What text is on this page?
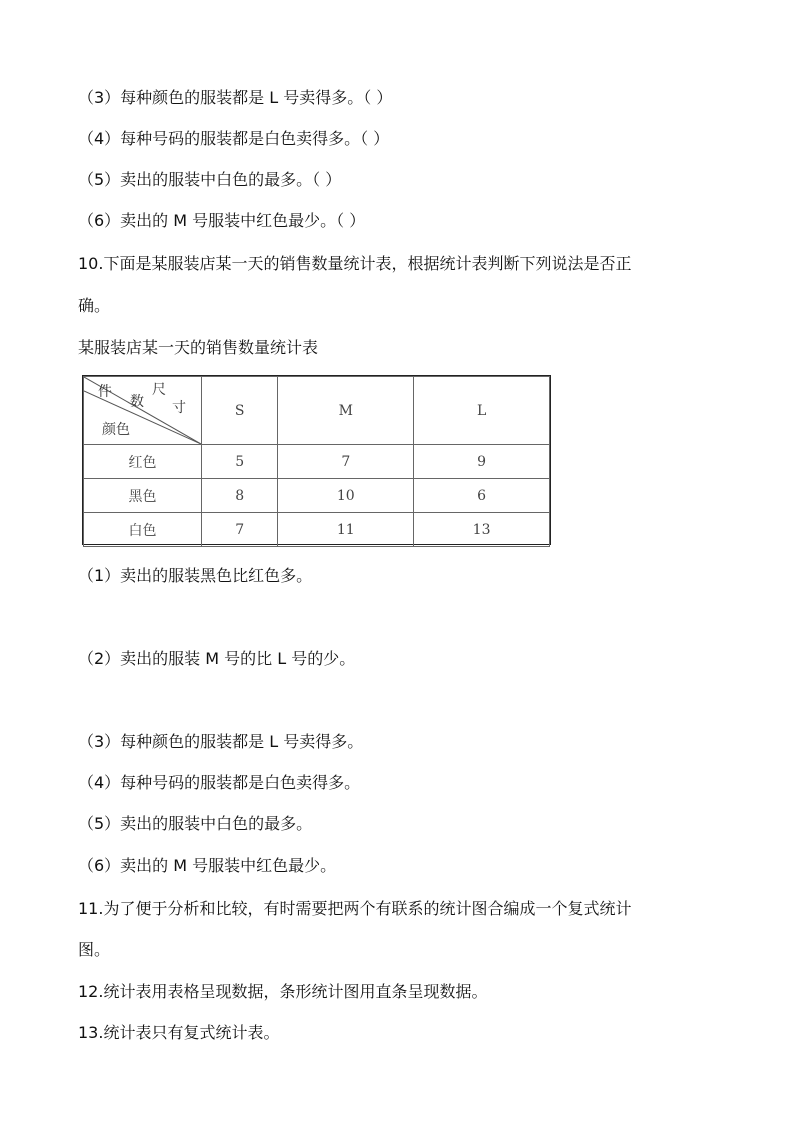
（3）每种颜色的服装都是 L 号卖得多。（ ）
（4）每种号码的服装都是白色卖得多。（ ）
（5）卖出的服装中白色的最多。（ ）
（6）卖出的 M 号服装中红色最少。（ ）
10.下面是某服装店某一天的销售数量统计表，根据统计表判断下列说法是否正
确。
某服装店某一天的销售数量统计表
件
数
尺
寸
颜色	S	M	L
红色	5	7	9
黑色	8	10	6
白色	7	11	13
（1）卖出的服装黑色比红色多。
（2）卖出的服装 M 号的比 L 号的少。
（3）每种颜色的服装都是 L 号卖得多。
（4）每种号码的服装都是白色卖得多。
（5）卖出的服装中白色的最多。
（6）卖出的 M 号服装中红色最少。
11.为了便于分析和比较，有时需要把两个有联系的统计图合编成一个复式统计
图。
12.统计表用表格呈现数据，条形统计图用直条呈现数据。
13.统计表只有复式统计表。
